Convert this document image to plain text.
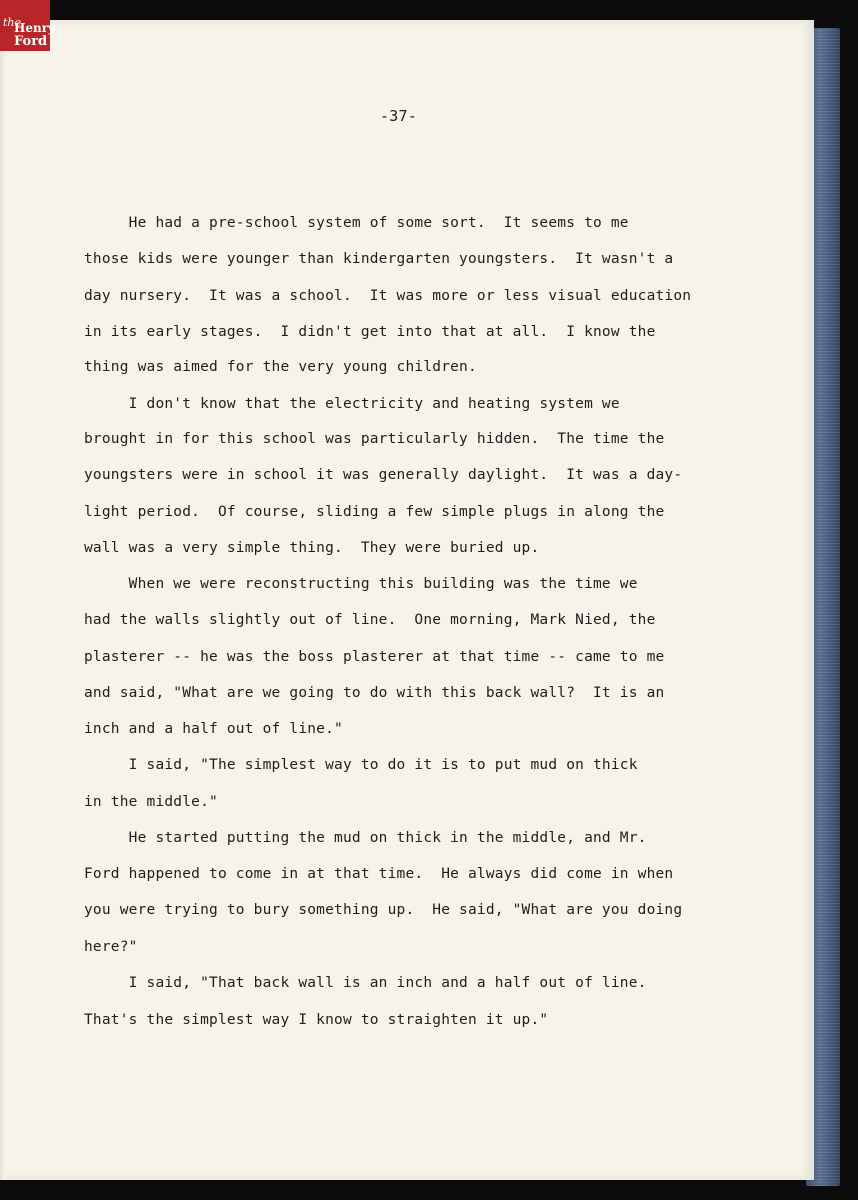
the
Henry
Ford
-37-
He had a pre-school system of some sort.  It seems to me
those kids were younger than kindergarten youngsters.  It wasn't a
day nursery.  It was a school.  It was more or less visual education
in its early stages.  I didn't get into that at all.  I know the
thing was aimed for the very young children.
I don't know that the electricity and heating system we
brought in for this school was particularly hidden.  The time the
youngsters were in school it was generally daylight.  It was a day-
light period.  Of course, sliding a few simple plugs in along the
wall was a very simple thing.  They were buried up.
When we were reconstructing this building was the time we
had the walls slightly out of line.  One morning, Mark Nied, the
plasterer -- he was the boss plasterer at that time -- came to me
and said, "What are we going to do with this back wall?  It is an
inch and a half out of line."
I said, "The simplest way to do it is to put mud on thick
in the middle."
He started putting the mud on thick in the middle, and Mr.
Ford happened to come in at that time.  He always did come in when
you were trying to bury something up.  He said, "What are you doing
here?"
I said, "That back wall is an inch and a half out of line.
That's the simplest way I know to straighten it up."
